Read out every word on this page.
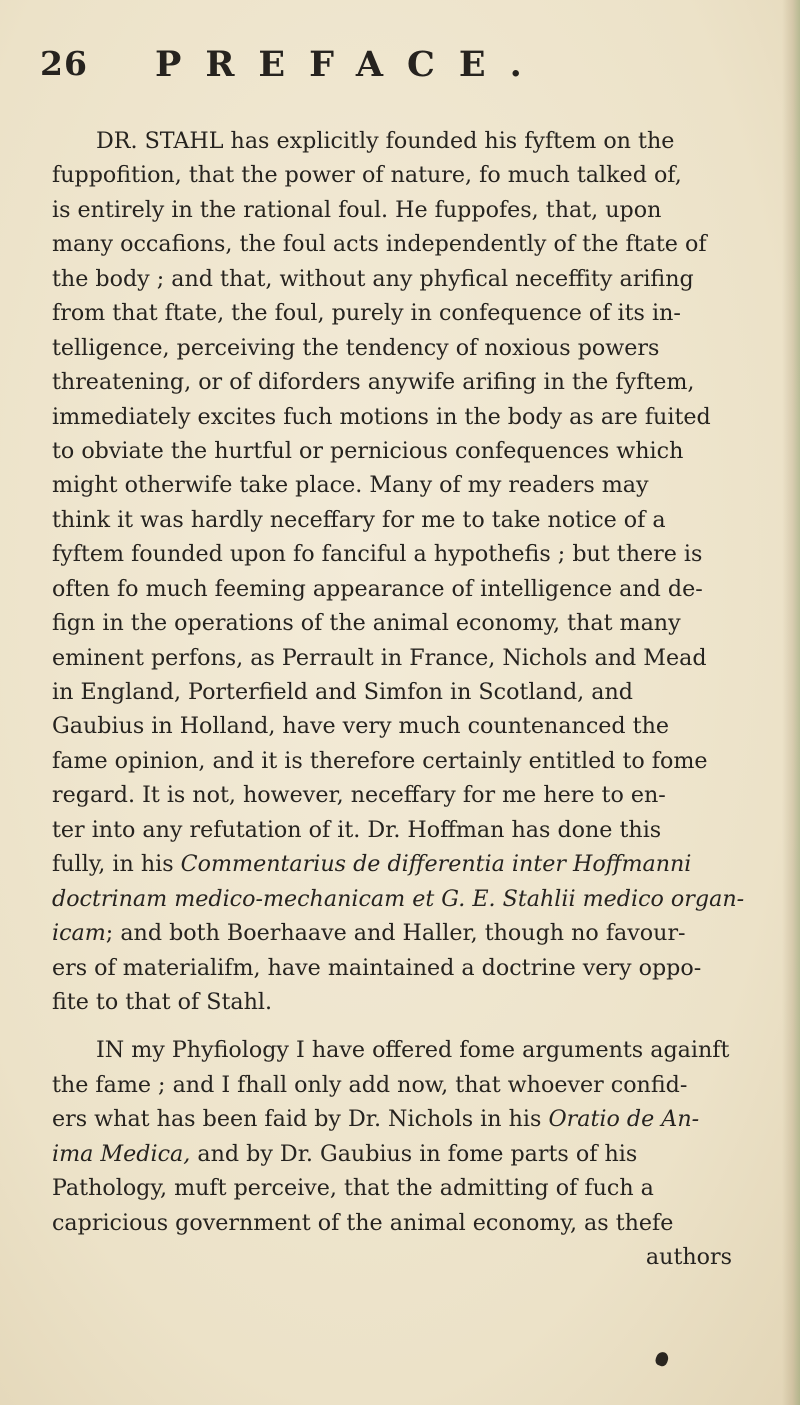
26 PREFACE.
DR. STAHL has explicitly founded his fyftem on the
fuppofition, that the power of nature, fo much talked of,
is entirely in the rational foul. He fuppofes, that, upon
many occafions, the foul acts independently of the ftate of
the body ; and that, without any phyfical neceffity arifing
from that ftate, the foul, purely in confequence of its in-
telligence, perceiving the tendency of noxious powers
threatening, or of diforders anywife arifing in the fyftem,
immediately excites fuch motions in the body as are fuited
to obviate the hurtful or pernicious confequences which
might otherwife take place. Many of my readers may
think it was hardly neceffary for me to take notice of a
fyftem founded upon fo fanciful a hypothefis ; but there is
often fo much feeming appearance of intelligence and de-
fign in the operations of the animal economy, that many
eminent perfons, as Perrault in France, Nichols and Mead
in England, Porterfield and Simfon in Scotland, and
Gaubius in Holland, have very much countenanced the
fame opinion, and it is therefore certainly entitled to fome
regard. It is not, however, neceffary for me here to en-
ter into any refutation of it. Dr. Hoffman has done this
fully, in his Commentarius de differentia inter Hoffmanni
doctrinam medico-mechanicam et G. E. Stahlii medico organ-
icam; and both Boerhaave and Haller, though no favour-
ers of materialifm, have maintained a doctrine very oppo-
fite to that of Stahl.
IN my Phyfiology I have offered fome arguments againft
the fame ; and I fhall only add now, that whoever confid-
ers what has been faid by Dr. Nichols in his Oratio de An-
ima Medica, and by Dr. Gaubius in fome parts of his
Pathology, muft perceive, that the admitting of fuch a
capricious government of the animal economy, as thefe
authors
